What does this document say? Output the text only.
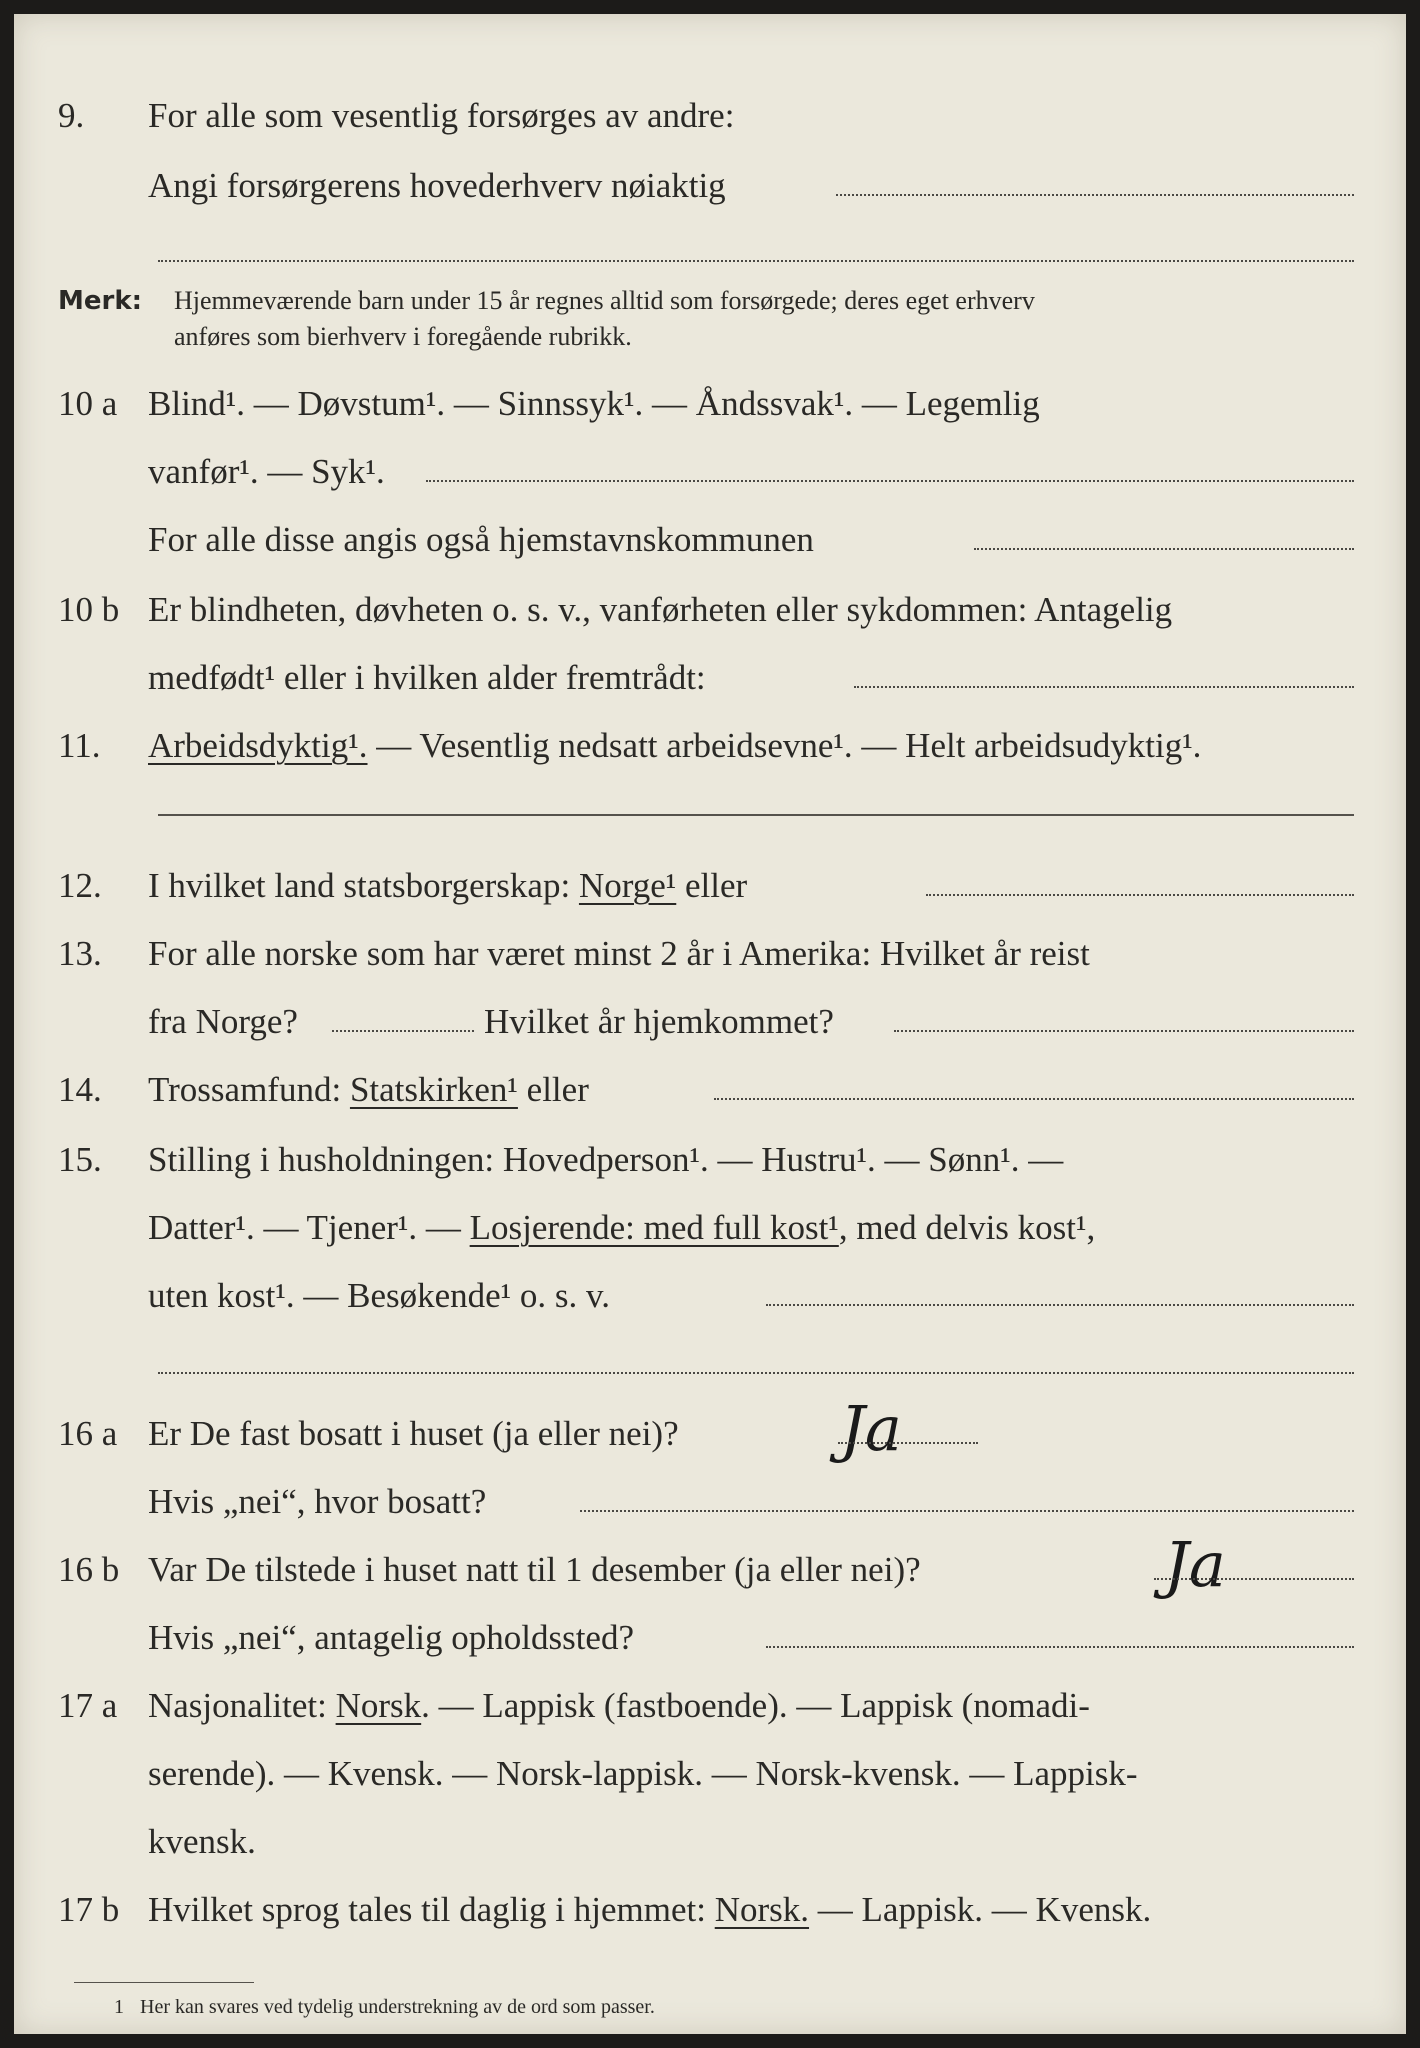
9. For alle som vesentlig forsørges av andre:
Angi forsørgerens hovederhverv nøiaktig
Merk: Hjemmeværende barn under 15 år regnes alltid som forsørgede; deres eget erhverv
anføres som bierhverv i foregående rubrikk.
10 a Blind¹. — Døvstum¹. — Sinnssyk¹. — Åndssvak¹. — Legemlig
vanfør¹. — Syk¹.
For alle disse angis også hjemstavnskommunen
10 b Er blindheten, døvheten o. s. v., vanførheten eller sykdommen: Antagelig
medfødt¹ eller i hvilken alder fremtrådt:
11. Arbeidsdyktig¹. — Vesentlig nedsatt arbeidsevne¹. — Helt arbeidsudyktig¹.
12. I hvilket land statsborgerskap: Norge¹ eller
13. For alle norske som har været minst 2 år i Amerika: Hvilket år reist
fra Norge?	Hvilket år hjemkommet?
14. Trossamfund: Statskirken¹ eller
15. Stilling i husholdningen: Hovedperson¹. — Hustru¹. — Sønn¹. —
Datter¹. — Tjener¹. — Losjerende: med full kost¹, med delvis kost¹,
uten kost¹. — Besøkende¹ o. s. v.
16 a Er De fast bosatt i huset (ja eller nei)?	Ja
Hvis „nei“, hvor bosatt?
16 b Var De tilstede i huset natt til 1 desember (ja eller nei)?	Ja
Hvis „nei“, antagelig opholdssted?
17 a Nasjonalitet: Norsk. — Lappisk (fastboende). — Lappisk (nomadi-
serende). — Kvensk. — Norsk-lappisk. — Norsk-kvensk. — Lappisk-
kvensk.
17 b Hvilket sprog tales til daglig i hjemmet: Norsk. — Lappisk. — Kvensk.
1 Her kan svares ved tydelig understrekning av de ord som passer.
